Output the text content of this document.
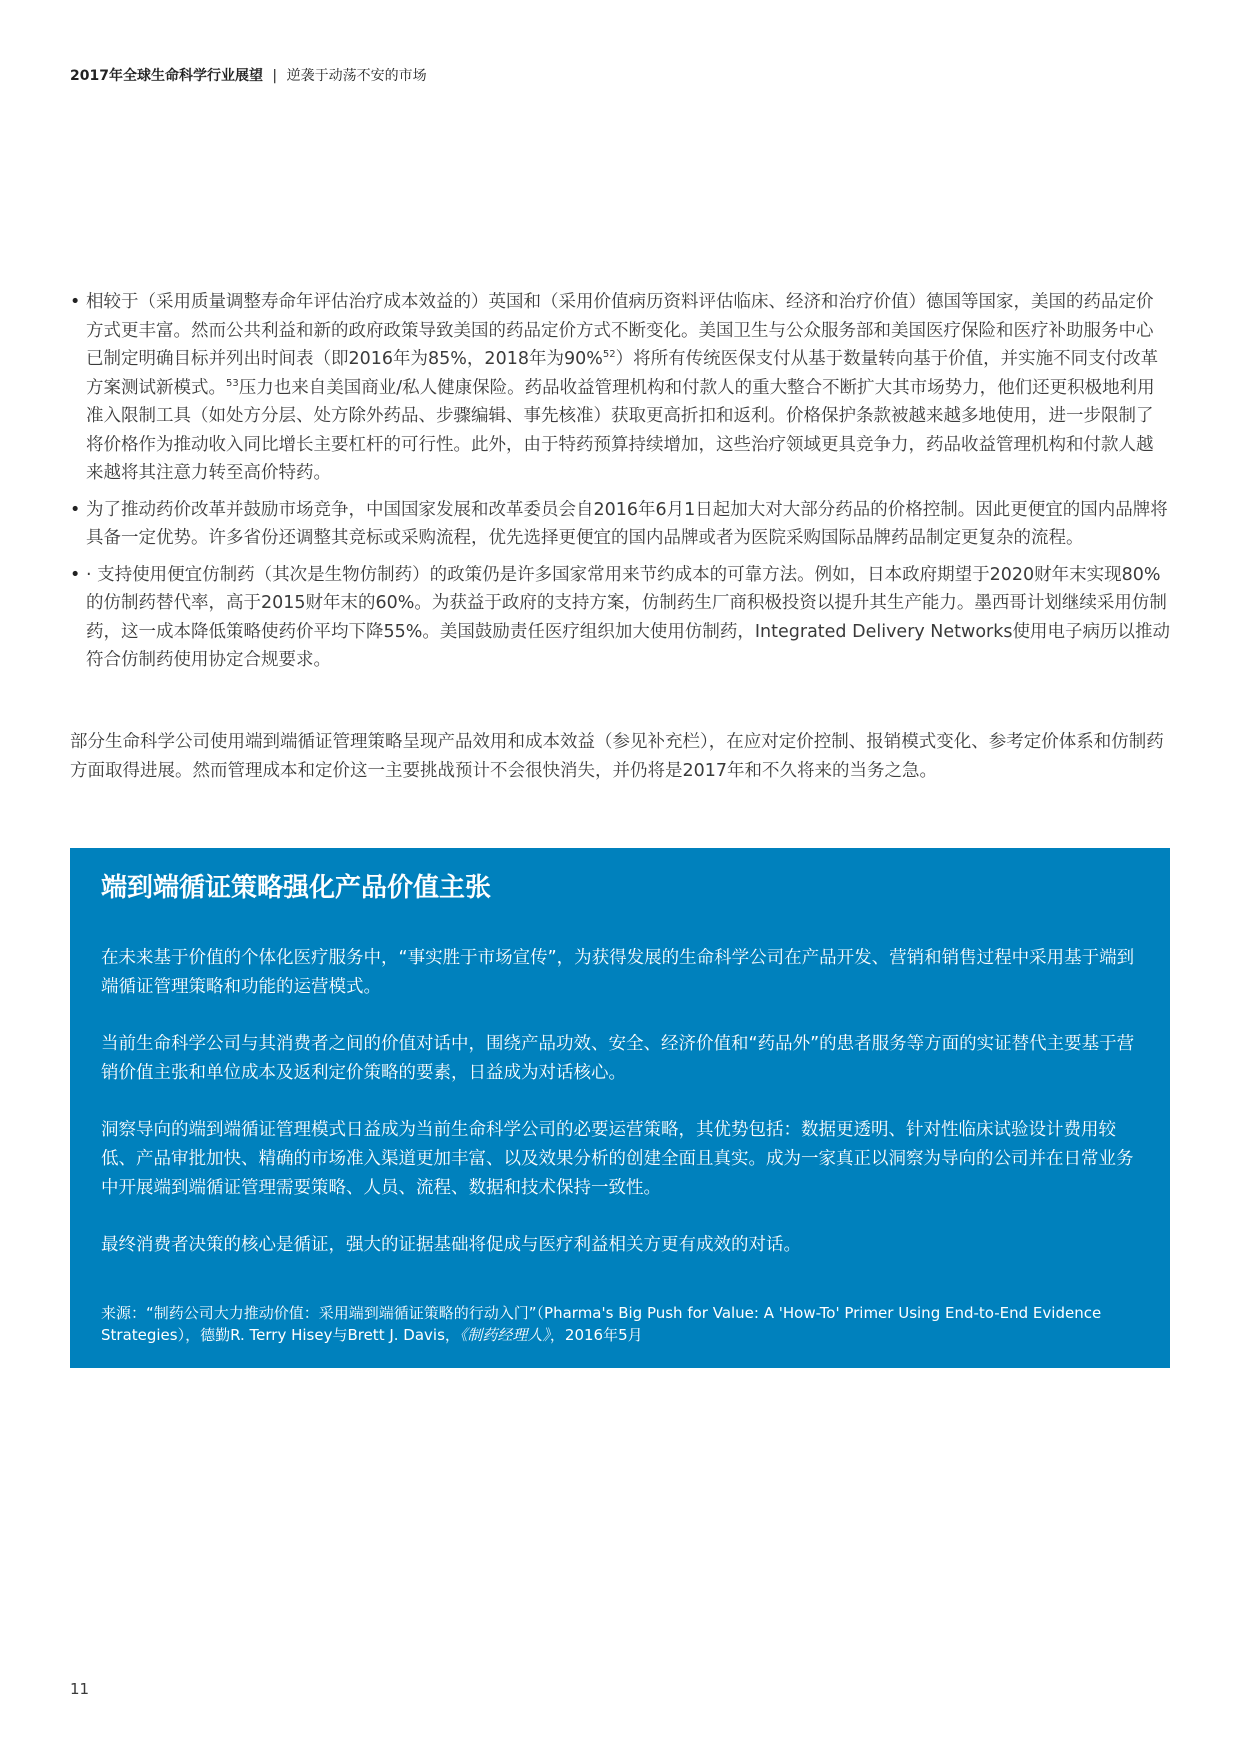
2017年全球生命科学行业展望 | 逆袭于动荡不安的市场
• 相较于（采用质量调整寿命年评估治疗成本效益的）英国和（采用价值病历资料评估临床、经济和治疗价值）德国等国家，美国的药品定价方式更丰富。然而公共利益和新的政府政策导致美国的药品定价方式不断变化。美国卫生与公众服务部和美国医疗保险和医疗补助服务中心已制定明确目标并列出时间表（即2016年为85%，2018年为90%$^{52}$）将所有传统医保支付从基于数量转向基于价值，并实施不同支付改革方案测试新模式。$^{53}$压力也来自美国商业/私人健康保险。药品收益管理机构和付款人的重大整合不断扩大其市场势力，他们还更积极地利用准入限制工具（如处方分层、处方除外药品、步骤编辑、事先核准）获取更高折扣和返利。价格保护条款被越来越多地使用，进一步限制了将价格作为推动收入同比增长主要杠杆的可行性。此外，由于特药预算持续增加，这些治疗领域更具竞争力，药品收益管理机构和付款人越来越将其注意力转至高价特药。
• 为了推动药价改革并鼓励市场竞争，中国国家发展和改革委员会自2016年6月1日起加大对大部分药品的价格控制。因此更便宜的国内品牌将具备一定优势。许多省份还调整其竞标或采购流程，优先选择更便宜的国内品牌或者为医院采购国际品牌药品制定更复杂的流程。
• · 支持使用便宜仿制药（其次是生物仿制药）的政策仍是许多国家常用来节约成本的可靠方法。例如，日本政府期望于2020财年末实现80%的仿制药替代率，高于2015财年末的60%。为获益于政府的支持方案，仿制药生厂商积极投资以提升其生产能力。墨西哥计划继续采用仿制药，这一成本降低策略使药价平均下降55%。美国鼓励责任医疗组织加大使用仿制药，Integrated Delivery Networks使用电子病历以推动符合仿制药使用协定合规要求。

部分生命科学公司使用端到端循证管理策略呈现产品效用和成本效益（参见补充栏），在应对定价控制、报销模式变化、参考定价体系和仿制药方面取得进展。然而管理成本和定价这一主要挑战预计不会很快消失，并仍将是2017年和不久将来的当务之急。

端到端循证策略强化产品价值主张

在未来基于价值的个体化医疗服务中，“事实胜于市场宣传”，为获得发展的生命科学公司在产品开发、营销和销售过程中采用基于端到端循证管理策略和功能的运营模式。

当前生命科学公司与其消费者之间的价值对话中，围绕产品功效、安全、经济价值和“药品外”的患者服务等方面的实证替代主要基于营销价值主张和单位成本及返利定价策略的要素，日益成为对话核心。

洞察导向的端到端循证管理模式日益成为当前生命科学公司的必要运营策略，其优势包括：数据更透明、针对性临床试验设计费用较低、产品审批加快、精确的市场准入渠道更加丰富、以及效果分析的创建全面且真实。成为一家真正以洞察为导向的公司并在日常业务中开展端到端循证管理需要策略、人员、流程、数据和技术保持一致性。

最终消费者决策的核心是循证，强大的证据基础将促成与医疗利益相关方更有成效的对话。

来源：“制药公司大力推动价值：采用端到端循证策略的行动入门”（Pharma's Big Push for Value: A 'How-To' Primer Using End-to-End Evidence Strategies），德勤R. Terry Hisey与Brett J. Davis，《制药经理人》，2016年5月

11
